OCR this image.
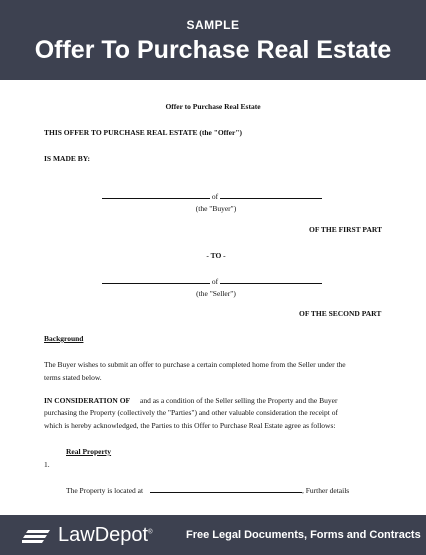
SAMPLE
Offer To Purchase Real Estate
Offer to Purchase Real Estate
THIS OFFER TO PURCHASE REAL ESTATE (the "Offer")
IS MADE BY:
of
(the "Buyer")
OF THE FIRST PART
- TO -
of
(the "Seller")
OF THE SECOND PART
Background
The Buyer wishes to submit an offer to purchase a certain completed home from the Seller under the
terms stated below.
IN CONSIDERATION OF and as a condition of the Seller selling the Property and the Buyer
purchasing the Property (collectively the "Parties") and other valuable consideration the receipt of
which is hereby acknowledged, the Parties to this Offer to Purchase Real Estate agree as follows:
Real Property
1.
The Property is located at	, Further details
LawDepot®	Free Legal Documents, Forms and Contracts
